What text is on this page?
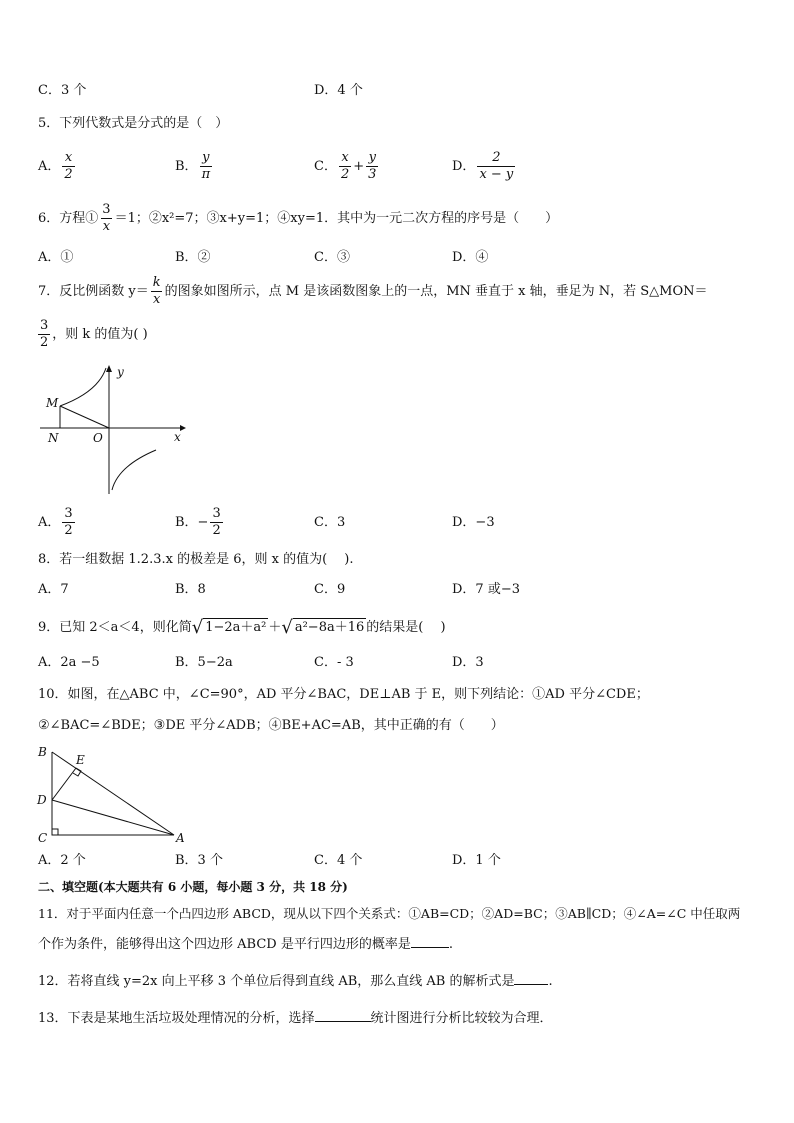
C．3 个	D．4 个
5．下列代数式是分式的是（　）
A． $\frac{x}{2}$	B． $\frac{y}{\pi}$	C． $\frac{x}{2} + \frac{y}{3}$	D． $\frac{2}{x - y}$
6．方程① $\frac{3}{x} =1$；②x²=7；③x+y=1；④xy=1．其中为一元二次方程的序号是（　　）
A．①	B．②	C．③	D．④
7．反比例函数 $y= \frac{k}{x}$ 的图象如图所示，点 M 是该函数图象上的一点，MN 垂直于 x 轴，垂足为 N，若 S△MON＝
$\frac{3}{2}$ ，则 k 的值为( )
y
x
M
N	O
A． $\frac{3}{2}$	B．− $\frac{3}{2}$	C．3	D．−3
8．若一组数据 1.2.3.x 的极差是 6，则 x 的值为(　 ).
A．7	B．8	C．9	D．7 或−3
9．已知 2＜a＜4，则化简√ 1−2a＋a² ＋√ a²−8a＋16 的结果是(　 )
A．2a −5	B．5−2a	C．- 3	D．3
10．如图，在△ABC 中，∠C=90°，AD 平分∠BAC，DE⊥AB 于 E，则下列结论：①AD 平分∠CDE；
②∠BAC=∠BDE；③DE 平分∠ADB；④BE+AC=AB，其中正确的有（　　）
B
E
D
C	A
A．2 个	B．3 个	C．4 个	D．1 个
二、填空题(本大题共有 6 小题，每小题 3 分，共 18 分)
11．对于平面内任意一个凸四边形 ABCD，现从以下四个关系式：①AB=CD；②AD=BC；③AB∥CD；④∠A=∠C 中任取两
个作为条件，能够得出这个四边形 ABCD 是平行四边形的概率是	.
12．若将直线 y=2x 向上平移 3 个单位后得到直线 AB，那么直线 AB 的解析式是	.
13．下表是某地生活垃圾处理情况的分析，选择	统计图进行分析比较较为合理．
